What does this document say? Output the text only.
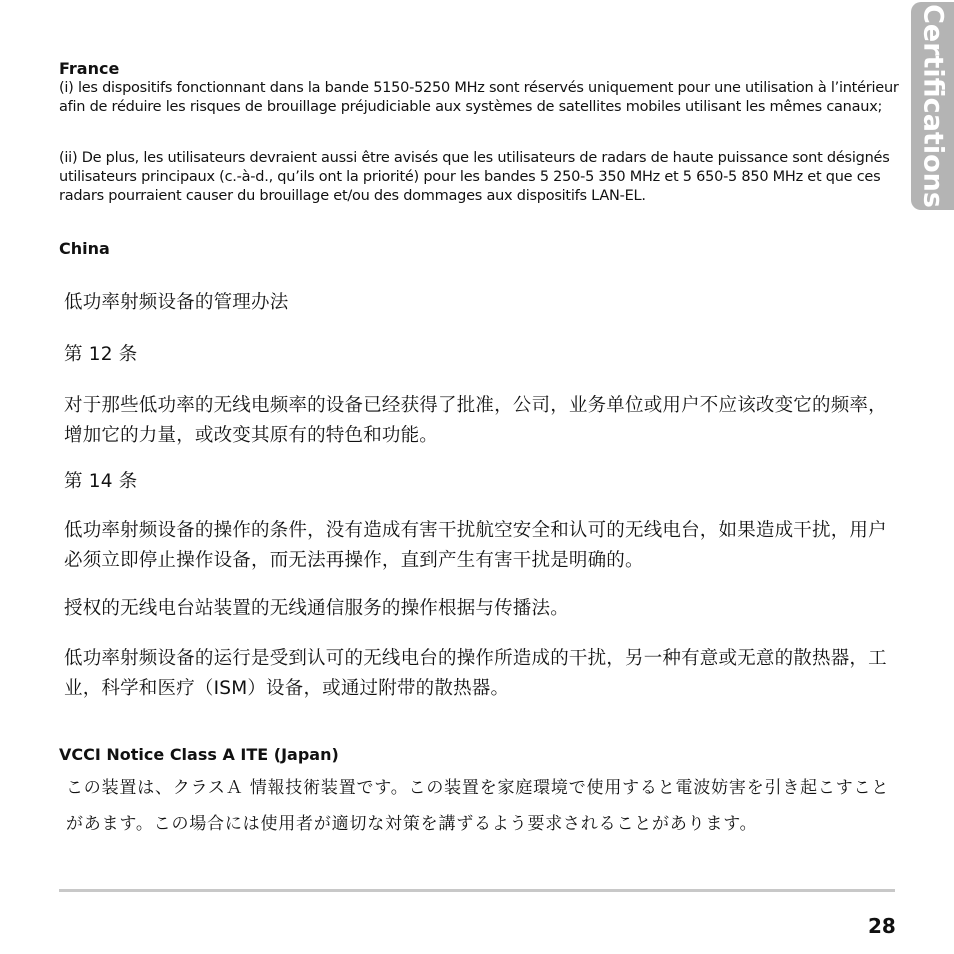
Certifications
France
(i) les dispositifs fonctionnant dans la bande 5150-5250 MHz sont réservés uniquement pour une utilisation à l’intérieur afin de réduire les risques de brouillage préjudiciable aux systèmes de satellites mobiles utilisant les mêmes canaux;
(ii) De plus, les utilisateurs devraient aussi être avisés que les utilisateurs de radars de haute puissance sont désignés utilisateurs principaux (c.-à-d., qu’ils ont la priorité) pour les bandes 5 250-5 350 MHz et 5 650-5 850 MHz et que ces radars pourraient causer du brouillage et/ou des dommages aux dispositifs LAN-EL.
China
低功率射频设备的管理办法
第 12 条
对于那些低功率的无线电频率的设备已经获得了批准，公司，业务单位或用户不应该改变它的频率，增加它的力量，或改变其原有的特色和功能。
第 14 条
低功率射频设备的操作的条件，没有造成有害干扰航空安全和认可的无线电台，如果造成干扰，用户必须立即停止操作设备，而无法再操作，直到产生有害干扰是明确的。
授权的无线电台站装置的无线通信服务的操作根据与传播法。
低功率射频设备的运行是受到认可的无线电台的操作所造成的干扰，另一种有意或无意的散热器，工业，科学和医疗（ISM）设备，或通过附带的散热器。
VCCI Notice Class A ITE (Japan)
この装置は、クラスＡ 情報技術装置です。この装置を家庭環境で使用すると電波妨害を引き起こすことがあます。この場合には使用者が適切な対策を講ずるよう要求されることがあります。
28
